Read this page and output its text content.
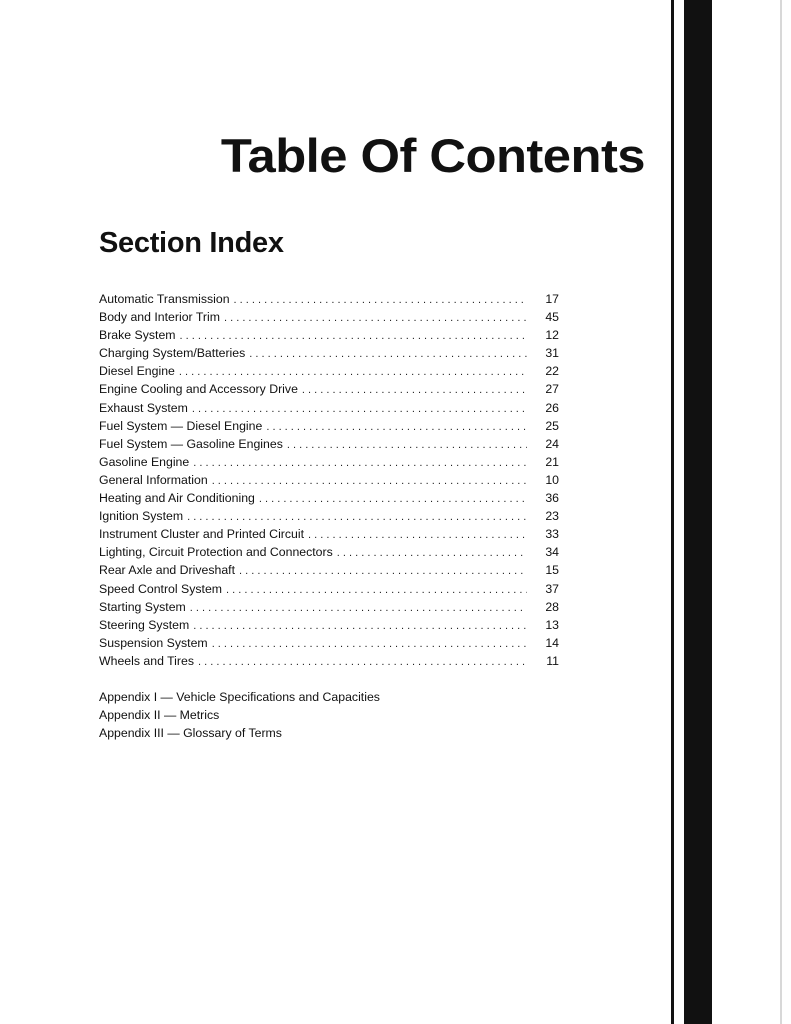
Table Of Contents
Section Index
Automatic Transmission . . .	17
Body and Interior Trim . . .	45
Brake System . . .	12
Charging System/Batteries . . .	31
Diesel Engine . . .	22
Engine Cooling and Accessory Drive . . .	27
Exhaust System . . .	26
Fuel System — Diesel Engine . . .	25
Fuel System — Gasoline Engines . . .	24
Gasoline Engine . . .	21
General Information . . .	10
Heating and Air Conditioning . . .	36
Ignition System . . .	23
Instrument Cluster and Printed Circuit . . .	33
Lighting, Circuit Protection and Connectors . . .	34
Rear Axle and Driveshaft . . .	15
Speed Control System . . .	37
Starting System . . .	28
Steering System . . .	13
Suspension System . . .	14
Wheels and Tires . . .	11
Appendix I — Vehicle Specifications and Capacities
Appendix II — Metrics
Appendix III — Glossary of Terms
